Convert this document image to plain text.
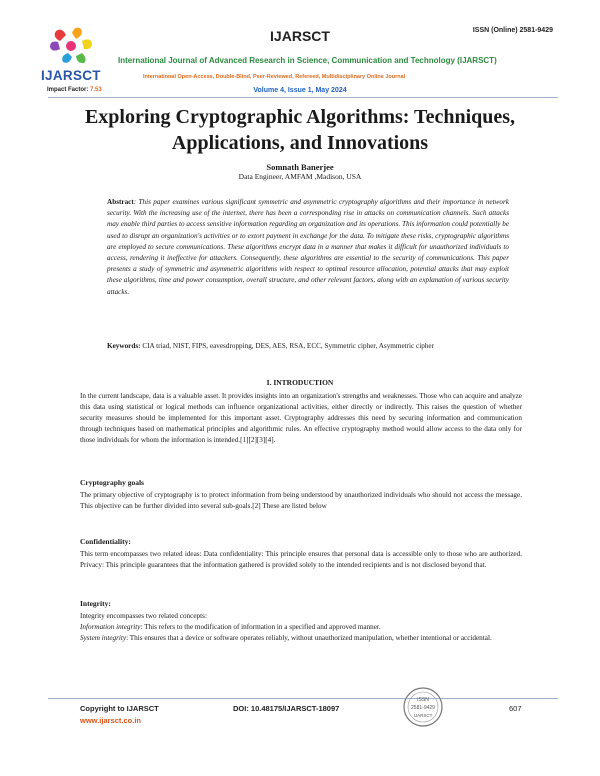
IJARSCT	ISSN (Online) 2581-9429
IJARSCT
International Journal of Advanced Research in Science, Communication and Technology (IJARSCT)
International Open-Access, Double-Blind, Peer-Reviewed, Refereed, Multidisciplinary Online Journal
Impact Factor: 7.53	Volume 4, Issue 1, May 2024
Exploring Cryptographic Algorithms: Techniques,
Applications, and Innovations
Somnath Banerjee
Data Engineer, AMFAM ,Madison, USA
Abstract: This paper examines various significant symmetric and asymmetric cryptography algorithms and their importance in network security. With the increasing use of the internet, there has been a corresponding rise in attacks on communication channels. Such attacks may enable third parties to access sensitive information regarding an organization and its operations. This information could potentially be used to disrupt an organization's activities or to extort payment in exchange for the data. To mitigate these risks, cryptographic algorithms are employed to secure communications. These algorithms encrypt data in a manner that makes it difficult for unauthorized individuals to access, rendering it ineffective for attackers. Consequently, these algorithms are essential to the security of communications. This paper presents a study of symmetric and asymmetric algorithms with respect to optimal resource allocation, potential attacks that may exploit these algorithms, time and power consumption, overall structure, and other relevant factors, along with an explanation of various security attacks.
Keywords: CIA triad, NIST, FIPS, eavesdropping, DES, AES, RSA, ECC, Symmetric cipher, Asymmetric cipher
I. INTRODUCTION
In the current landscape, data is a valuable asset. It provides insights into an organization's strengths and weaknesses. Those who can acquire and analyze this data using statistical or logical methods can influence organizational activities, either directly or indirectly. This raises the question of whether security measures should be implemented for this important asset. Cryptography addresses this need by securing information and communication through techniques based on mathematical principles and algorithmic rules. An effective cryptography method would allow access to the data only for those individuals for whom the information is intended.[1][2][3][4].
Cryptography goals
The primary objective of cryptography is to protect information from being understood by unauthorized individuals who should not access the message. This objective can be further divided into several sub-goals.[2] These are listed below
Confidentiality:
This term encompasses two related ideas: Data confidentiality: This principle ensures that personal data is accessible only to those who are authorized. Privacy: This principle guarantees that the information gathered is provided solely to the intended recipients and is not disclosed beyond that.
Integrity:
Integrity encompasses two related concepts:
Information integrity: This refers to the modification of information in a specified and approved manner.
System integrity: This ensures that a device or software operates reliably, without unauthorized manipulation, whether intentional or accidental.
Copyright to IJARSCT
www.ijarsct.co.in
DOI: 10.48175/IJARSCT-18097
ISSN
2581-9429
IJARSCT
607
